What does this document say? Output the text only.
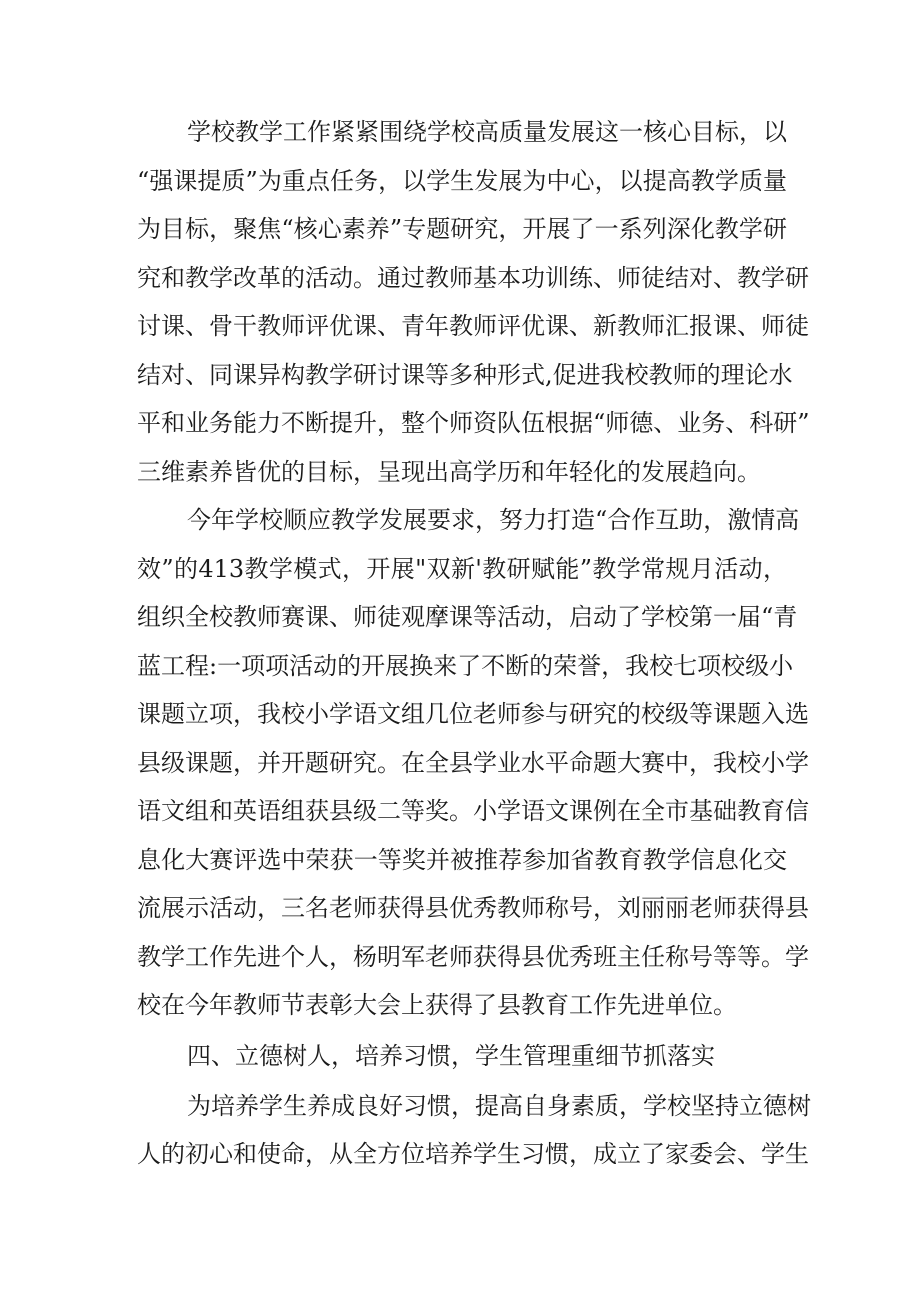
学校教学工作紧紧围绕学校高质量发展这一核心目标，以
“强课提质”为重点任务，以学生发展为中心，以提高教学质量
为目标，聚焦“核心素养”专题研究，开展了一系列深化教学研
究和教学改革的活动。通过教师基本功训练、师徒结对、教学研
讨课、骨干教师评优课、青年教师评优课、新教师汇报课、师徒
结对、同课异构教学研讨课等多种形式,促进我校教师的理论水
平和业务能力不断提升，整个师资队伍根据“师德、业务、科研”
三维素养皆优的目标，呈现出高学历和年轻化的发展趋向。
今年学校顺应教学发展要求，努力打造“合作互助，激情高
效”的413教学模式，开展"双新'教研赋能”教学常规月活动，
组织全校教师赛课、师徒观摩课等活动，启动了学校第一届“青
蓝工程:一项项活动的开展换来了不断的荣誉，我校七项校级小
课题立项，我校小学语文组几位老师参与研究的校级等课题入选
县级课题，并开题研究。在全县学业水平命题大赛中，我校小学
语文组和英语组获县级二等奖。小学语文课例在全市基础教育信
息化大赛评选中荣获一等奖并被推荐参加省教育教学信息化交
流展示活动，三名老师获得县优秀教师称号，刘丽丽老师获得县
教学工作先进个人，杨明军老师获得县优秀班主任称号等等。学
校在今年教师节表彰大会上获得了县教育工作先进单位。
四、立德树人，培养习惯，学生管理重细节抓落实
为培养学生养成良好习惯，提高自身素质，学校坚持立德树
人的初心和使命，从全方位培养学生习惯，成立了家委会、学生
